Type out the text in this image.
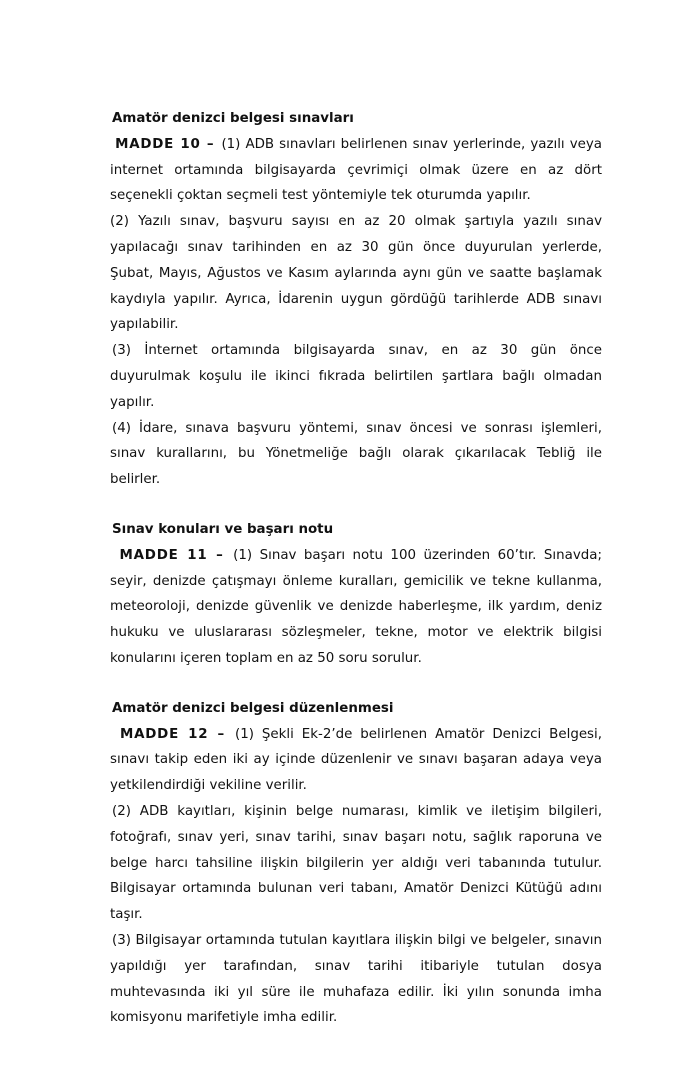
Amatör denizci belgesi sınavları

MADDE 10 – (1) ADB sınavları belirlenen sınav yerlerinde, yazılı veya internet ortamında bilgisayarda çevrimiçi olmak üzere en az dört seçenekli çoktan seçmeli test yöntemiyle tek oturumda yapılır.

(2) Yazılı sınav, başvuru sayısı en az 20 olmak şartıyla yazılı sınav yapılacağı sınav tarihinden en az 30 gün önce duyurulan yerlerde, Şubat, Mayıs, Ağustos ve Kasım aylarında aynı gün ve saatte başlamak kaydıyla yapılır. Ayrıca, İdarenin uygun gördüğü tarihlerde ADB sınavı yapılabilir.

(3) İnternet ortamında bilgisayarda sınav, en az 30 gün önce duyurulmak koşulu ile ikinci fıkrada belirtilen şartlara bağlı olmadan yapılır.

(4) İdare, sınava başvuru yöntemi, sınav öncesi ve sonrası işlemleri, sınav kurallarını, bu Yönetmeliğe bağlı olarak çıkarılacak Tebliğ ile belirler.

Sınav konuları ve başarı notu

MADDE 11 – (1) Sınav başarı notu 100 üzerinden 60’tır. Sınavda; seyir, denizde çatışmayı önleme kuralları, gemicilik ve tekne kullanma, meteoroloji, denizde güvenlik ve denizde haberleşme, ilk yardım, deniz hukuku ve uluslararası sözleşmeler, tekne, motor ve elektrik bilgisi konularını içeren toplam en az 50 soru sorulur.

Amatör denizci belgesi düzenlenmesi

MADDE 12 – (1) Şekli Ek-2’de belirlenen Amatör Denizci Belgesi, sınavı takip eden iki ay içinde düzenlenir ve sınavı başaran adaya veya yetkilendirdiği vekiline verilir.

(2) ADB kayıtları, kişinin belge numarası, kimlik ve iletişim bilgileri, fotoğrafı, sınav yeri, sınav tarihi, sınav başarı notu, sağlık raporuna ve belge harcı tahsiline ilişkin bilgilerin yer aldığı veri tabanında tutulur. Bilgisayar ortamında bulunan veri tabanı, Amatör Denizci Kütüğü adını taşır.

(3) Bilgisayar ortamında tutulan kayıtlara ilişkin bilgi ve belgeler, sınavın yapıldığı yer tarafından, sınav tarihi itibariyle tutulan dosya muhtevasında iki yıl süre ile muhafaza edilir. İki yılın sonunda imha komisyonu marifetiyle imha edilir.
